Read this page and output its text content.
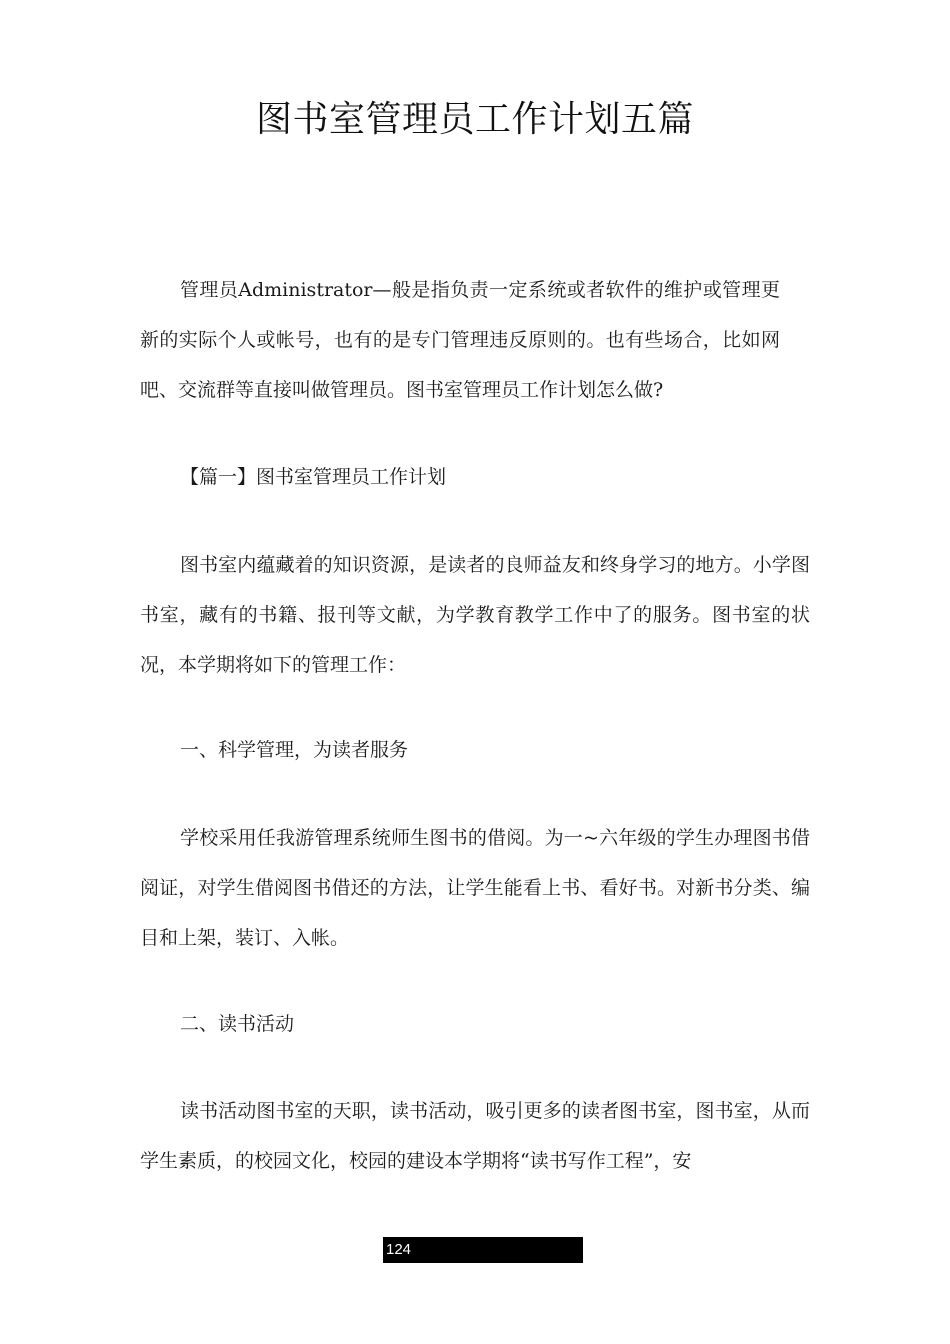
图书室管理员工作计划五篇

管理员Administrator—般是指负责一定系统或者软件的维护或管理更新的实际个人或帐号，也有的是专门管理违反原则的。也有些场合，比如网吧、交流群等直接叫做管理员。图书室管理员工作计划怎么做?

【篇一】图书室管理员工作计划

图书室内蕴藏着的知识资源，是读者的良师益友和终身学习的地方。小学图书室，藏有的书籍、报刊等文献，为学教育教学工作中了的服务。图书室的状况，本学期将如下的管理工作：

一、科学管理，为读者服务

学校采用任我游管理系统师生图书的借阅。为一~六年级的学生办理图书借阅证，对学生借阅图书借还的方法，让学生能看上书、看好书。对新书分类、编目和上架，装订、入帐。

二、读书活动

读书活动图书室的天职，读书活动，吸引更多的读者图书室，图书室，从而学生素质，的校园文化，校园的建设本学期将“读书写作工程”，安

124
